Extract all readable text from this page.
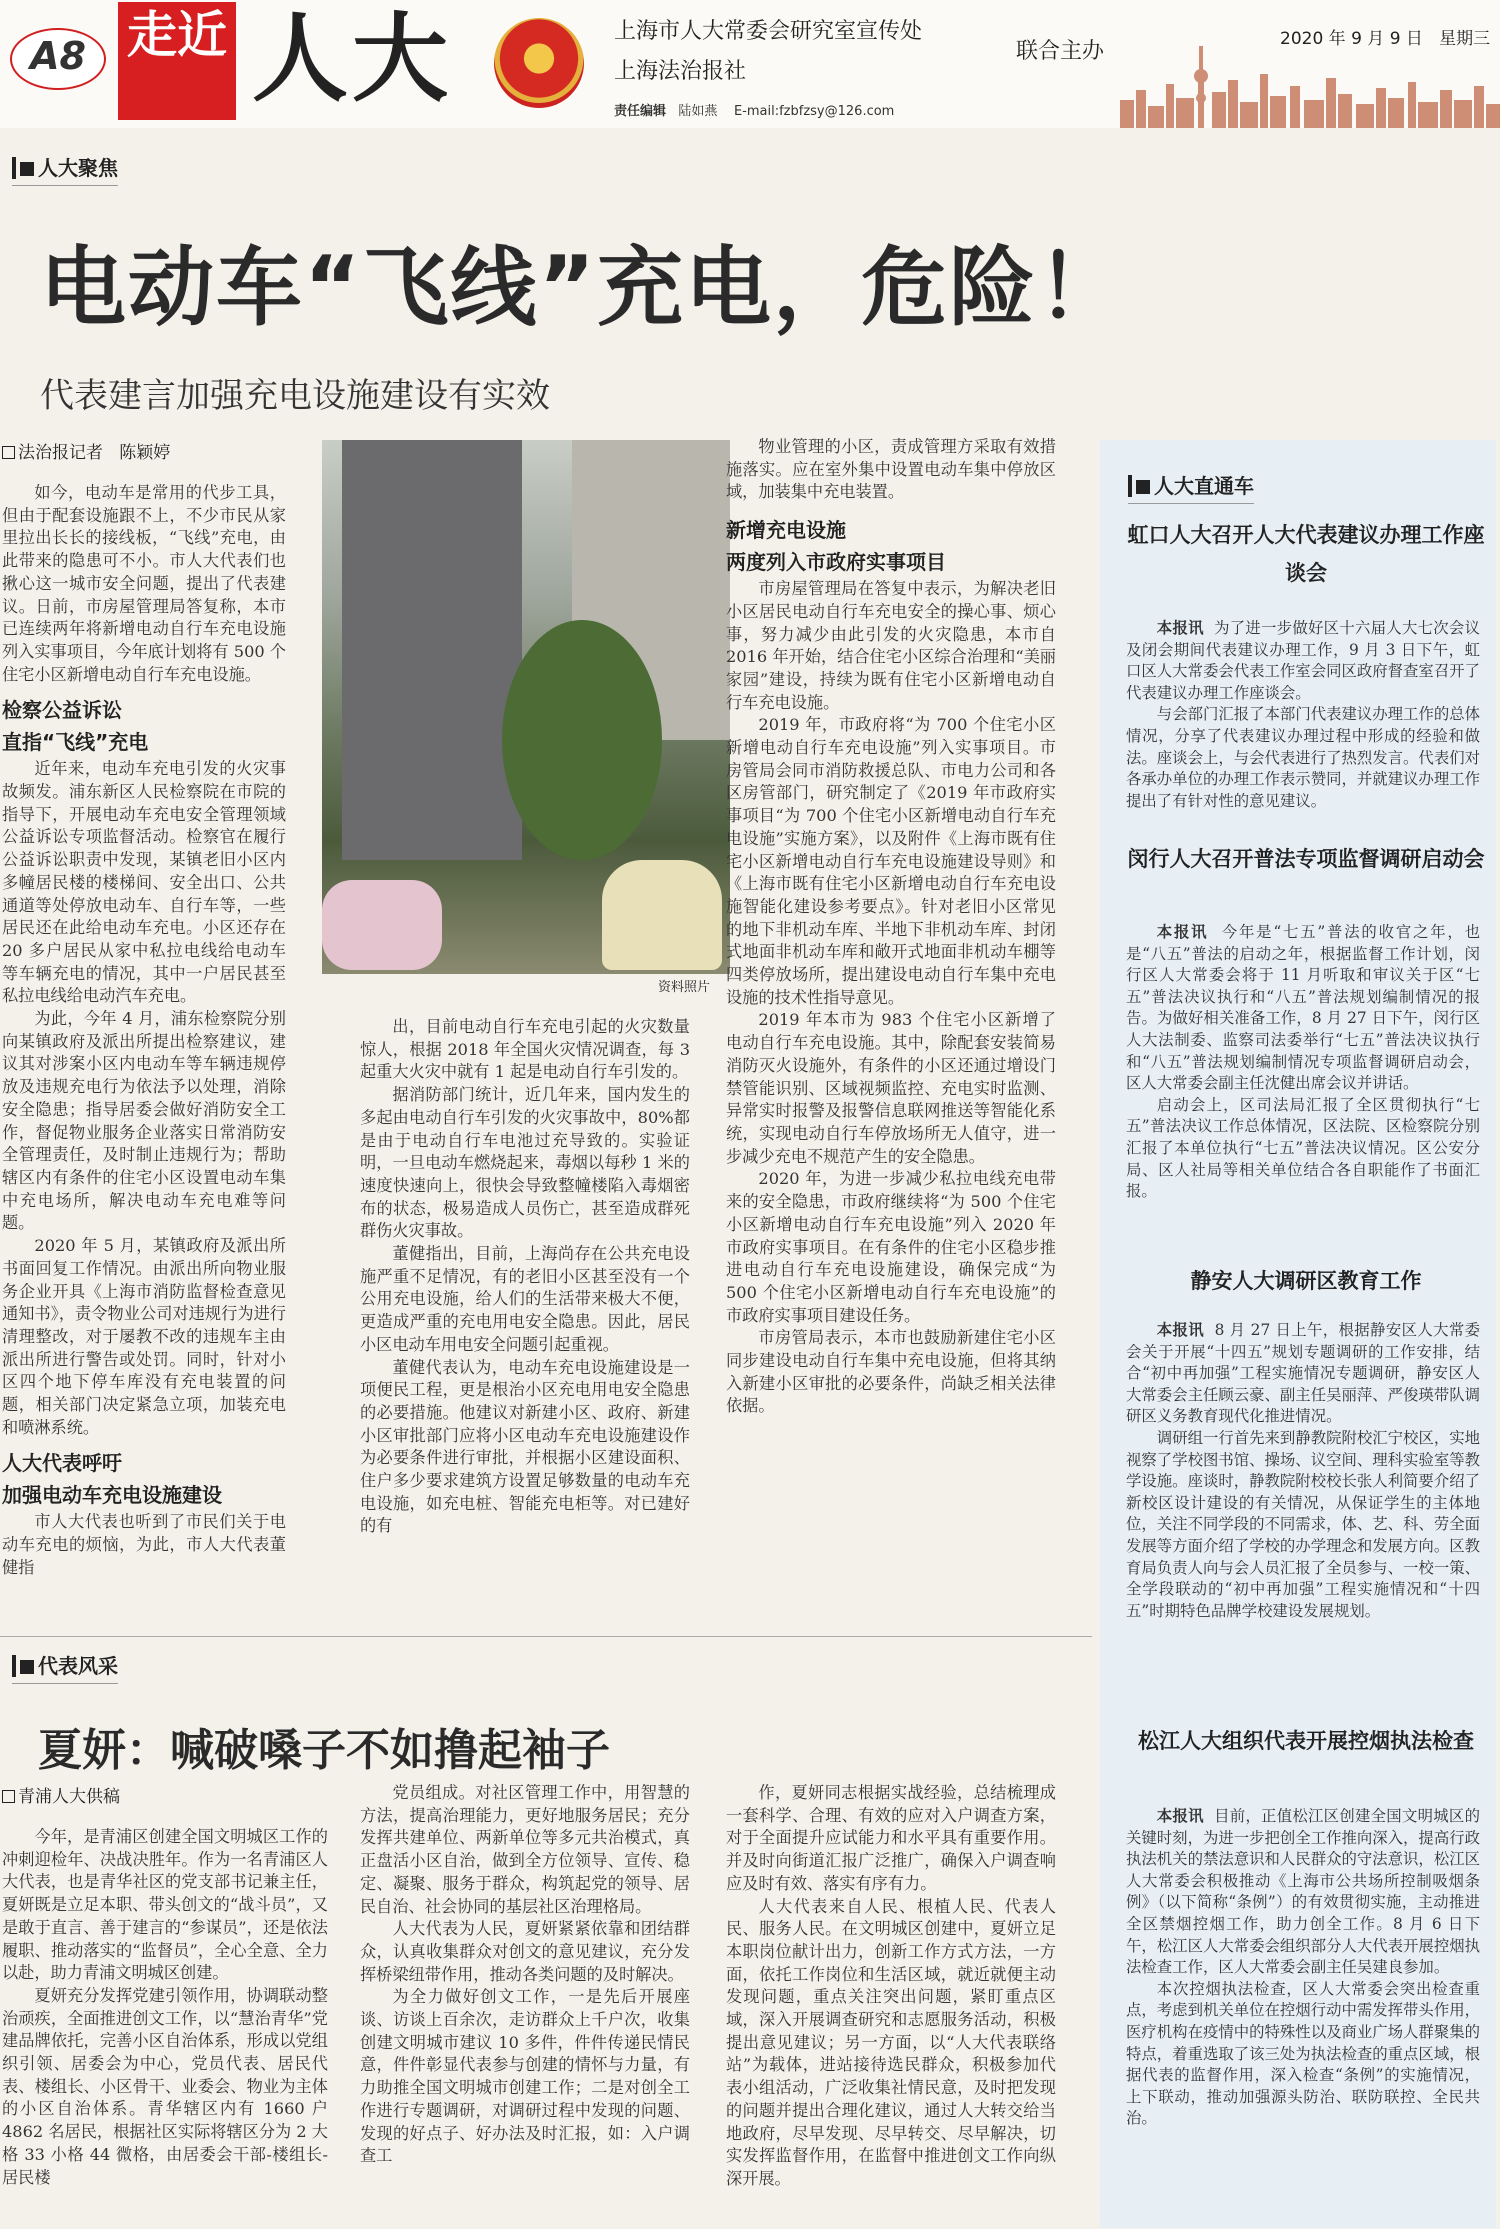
A8 走近 人大	上海市人大常委会研究室宣传处
上海法治报社
联合主办
责任编辑 陆如燕 E-mail:fzbfzsy@126.com
2020 年 9 月 9 日 星期三
人大聚焦
电动车“飞线”充电，危险！
代表建言加强充电设施建设有实效
法治报记者 陈颖婷

如今，电动车是常用的代步工具，但由于配套设施跟不上，不少市民从家里拉出长长的接线板，“飞线”充电，由此带来的隐患可不小。市人大代表们也揪心这一城市安全问题，提出了代表建议。日前，市房屋管理局答复称，本市已连续两年将新增电动自行车充电设施列入实事项目，今年底计划将有 500 个住宅小区新增电动自行车充电设施。

检察公益诉讼
直指“飞线”充电

近年来，电动车充电引发的火灾事故频发。浦东新区人民检察院在市院的指导下，开展电动车充电安全管理领域公益诉讼专项监督活动。检察官在履行公益诉讼职责中发现，某镇老旧小区内多幢居民楼的楼梯间、安全出口、公共通道等处停放电动车、自行车等，一些居民还在此给电动车充电。小区还存在 20 多户居民从家中私拉电线给电动车等车辆充电的情况，其中一户居民甚至私拉电线给电动汽车充电。

为此，今年 4 月，浦东检察院分别向某镇政府及派出所提出检察建议，建议其对涉案小区内电动车等车辆违规停放及违规充电行为依法予以处理，消除安全隐患；指导居委会做好消防安全工作，督促物业服务企业落实日常消防安全管理责任，及时制止违规行为；帮助辖区内有条件的住宅小区设置电动车集中充电场所，解决电动车充电难等问题。

2020 年 5 月，某镇政府及派出所书面回复工作情况。由派出所向物业服务企业开具《上海市消防监督检查意见通知书》，责令物业公司对违规行为进行清理整改，对于屡教不改的违规车主由派出所进行警告或处罚。同时，针对小区四个地下停车库没有充电装置的问题，相关部门决定紧急立项，加装充电和喷淋系统。

人大代表呼吁
加强电动车充电设施建设

市人大代表也听到了市民们关于电动车充电的烦恼，为此，市人大代表董健指

资料照片

出，目前电动自行车充电引起的火灾数量惊人，根据 2018 年全国火灾情况调查，每 3 起重大火灾中就有 1 起是电动自行车引发的。

据消防部门统计，近几年来，国内发生的多起由电动自行车引发的火灾事故中，80%都是由于电动自行车电池过充导致的。实验证明，一旦电动车燃烧起来，毒烟以每秒 1 米的速度快速向上，很快会导致整幢楼陷入毒烟密布的状态，极易造成人员伤亡，甚至造成群死群伤火灾事故。

董健指出，目前，上海尚存在公共充电设施严重不足情况，有的老旧小区甚至没有一个公用充电设施，给人们的生活带来极大不便，更造成严重的充电用电安全隐患。因此，居民小区电动车用电安全问题引起重视。

董健代表认为，电动车充电设施建设是一项便民工程，更是根治小区充电用电安全隐患的必要措施。他建议对新建小区、政府、新建小区审批部门应将小区电动车充电设施建设作为必要条件进行审批，并根据小区建设面积、住户多少要求建筑方设置足够数量的电动车充电设施，如充电桩、智能充电柜等。对已建好的有

物业管理的小区，责成管理方采取有效措施落实。应在室外集中设置电动车集中停放区域，加装集中充电装置。

新增充电设施
两度列入市政府实事项目

市房屋管理局在答复中表示，为解决老旧小区居民电动自行车充电安全的操心事、烦心事，努力减少由此引发的火灾隐患，本市自 2016 年开始，结合住宅小区综合治理和“美丽家园”建设，持续为既有住宅小区新增电动自行车充电设施。

2019 年，市政府将“为 700 个住宅小区新增电动自行车充电设施”列入实事项目。市房管局会同市消防救援总队、市电力公司和各区房管部门，研究制定了《2019 年市政府实事项目“为 700 个住宅小区新增电动自行车充电设施”实施方案》，以及附件《上海市既有住宅小区新增电动自行车充电设施建设导则》和《上海市既有住宅小区新增电动自行车充电设施智能化建设参考要点》。针对老旧小区常见的地下非机动车库、半地下非机动车库、封闭式地面非机动车库和敞开式地面非机动车棚等四类停放场所，提出建设电动自行车集中充电设施的技术性指导意见。

2019 年本市为 983 个住宅小区新增了电动自行车充电设施。其中，除配套安装简易消防灭火设施外，有条件的小区还通过增设门禁管能识别、区域视频监控、充电实时监测、异常实时报警及报警信息联网推送等智能化系统，实现电动自行车停放场所无人值守，进一步减少充电不规范产生的安全隐患。

2020 年，为进一步减少私拉电线充电带来的安全隐患，市政府继续将“为 500 个住宅小区新增电动自行车充电设施”列入 2020 年市政府实事项目。在有条件的住宅小区稳步推进电动自行车充电设施建设，确保完成“为 500 个住宅小区新增电动自行车充电设施”的市政府实事项目建设任务。

市房管局表示，本市也鼓励新建住宅小区同步建设电动自行车集中充电设施，但将其纳入新建小区审批的必要条件，尚缺乏相关法律依据。

人大直通车
虹口人大召开人大代表建议办理工作座谈会

本报讯 为了进一步做好区十六届人大七次会议及闭会期间代表建议办理工作，9 月 3 日下午，虹口区人大常委会代表工作室会同区政府督查室召开了代表建议办理工作座谈会。

与会部门汇报了本部门代表建议办理工作的总体情况，分享了代表建议办理过程中形成的经验和做法。座谈会上，与会代表进行了热烈发言。代表们对各承办单位的办理工作表示赞同，并就建议办理工作提出了有针对性的意见建议。

闵行人大召开普法专项监督调研启动会

本报讯 今年是“七五”普法的收官之年，也是“八五”普法的启动之年，根据监督工作计划，闵行区人大常委会将于 11 月听取和审议关于区“七五”普法决议执行和“八五”普法规划编制情况的报告。为做好相关准备工作，8 月 27 日下午，闵行区人大法制委、监察司法委举行“七五”普法决议执行和“八五”普法规划编制情况专项监督调研启动会，区人大常委会副主任沈健出席会议并讲话。

启动会上，区司法局汇报了全区贯彻执行“七五”普法决议工作总体情况，区法院、区检察院分别汇报了本单位执行“七五”普法决议情况。区公安分局、区人社局等相关单位结合各自职能作了书面汇报。

静安人大调研区教育工作

本报讯 8 月 27 日上午，根据静安区人大常委会关于开展“十四五”规划专题调研的工作安排，结合“初中再加强”工程实施情况专题调研，静安区人大常委会主任顾云豪、副主任吴丽萍、严俊瑛带队调研区义务教育现代化推进情况。

调研组一行首先来到静教院附校汇宁校区，实地视察了学校图书馆、操场、议空间、理科实验室等教学设施。座谈时，静教院附校校长张人利简要介绍了新校区设计建设的有关情况，从保证学生的主体地位，关注不同学段的不同需求，体、艺、科、劳全面发展等方面介绍了学校的办学理念和发展方向。区教育局负责人向与会人员汇报了全员参与、一校一策、全学段联动的“初中再加强”工程实施情况和“十四五”时期特色品牌学校建设发展规划。

松江人大组织代表开展控烟执法检查

本报讯 目前，正值松江区创建全国文明城区的关键时刻，为进一步把创全工作推向深入，提高行政执法机关的禁法意识和人民群众的守法意识，松江区人大常委会积极推动《上海市公共场所控制吸烟条例》（以下简称“条例”）的有效贯彻实施，主动推进全区禁烟控烟工作，助力创全工作。8 月 6 日下午，松江区人大常委会组织部分人大代表开展控烟执法检查工作，区人大常委会副主任吴建良参加。

本次控烟执法检查，区人大常委会突出检查重点，考虑到机关单位在控烟行动中需发挥带头作用，医疗机构在疫情中的特殊性以及商业广场人群聚集的特点，着重选取了该三处为执法检查的重点区域，根据代表的监督作用，深入检查“条例”的实施情况，上下联动，推动加强源头防治、联防联控、全民共治。

代表风采
夏妍：喊破嗓子不如撸起袖子
青浦人大供稿

今年，是青浦区创建全国文明城区工作的冲刺迎检年、决战决胜年。作为一名青浦区人大代表，也是青华社区的党支部书记兼主任，夏妍既是立足本职、带头创文的“战斗员”，又是敢于直言、善于建言的“参谋员”，还是依法履职、推动落实的“监督员”，全心全意、全力以赴，助力青浦文明城区创建。

夏妍充分发挥党建引领作用，协调联动整治顽疾，全面推进创文工作，以“慧治青华”党建品牌依托，完善小区自治体系，形成以党组织引领、居委会为中心，党员代表、居民代表、楼组长、小区骨干、业委会、物业为主体的小区自治体系。青华辖区内有 1660 户 4862 名居民，根据社区实际将辖区分为 2 大格 33 小格 44 微格，由居委会干部-楼组长-居民楼

党员组成。对社区管理工作中，用智慧的方法，提高治理能力，更好地服务居民；充分发挥共建单位、两新单位等多元共治模式，真正盘活小区自治，做到全方位领导、宣传、稳定、凝聚、服务于群众，构筑起党的领导、居民自治、社会协同的基层社区治理格局。

人大代表为人民，夏妍紧紧依靠和团结群众，认真收集群众对创文的意见建议，充分发挥桥梁纽带作用，推动各类问题的及时解决。

为全力做好创文工作，一是先后开展座谈、访谈上百余次，走访群众上千户次，收集创建文明城市建议 10 多件，件件传递民情民意，件件彰显代表参与创建的情怀与力量，有力助推全国文明城市创建工作；二是对创全工作进行专题调研，对调研过程中发现的问题、发现的好点子、好办法及时汇报，如：入户调查工

作，夏妍同志根据实战经验，总结梳理成一套科学、合理、有效的应对入户调查方案，对于全面提升应试能力和水平具有重要作用。并及时向街道汇报广泛推广，确保入户调查响应及时有效、落实有序有力。

人大代表来自人民、根植人民、代表人民、服务人民。在文明城区创建中，夏妍立足本职岗位献计出力，创新工作方式方法，一方面，依托工作岗位和生活区域，就近就便主动发现问题，重点关注突出问题，紧盯重点区域，深入开展调查研究和志愿服务活动，积极提出意见建议；另一方面，以“人大代表联络站”为载体，进站接待选民群众，积极参加代表小组活动，广泛收集社情民意，及时把发现的问题并提出合理化建议，通过人大转交给当地政府，尽早发现、尽早转交、尽早解决，切实发挥监督作用，在监督中推进创文工作向纵深开展。
